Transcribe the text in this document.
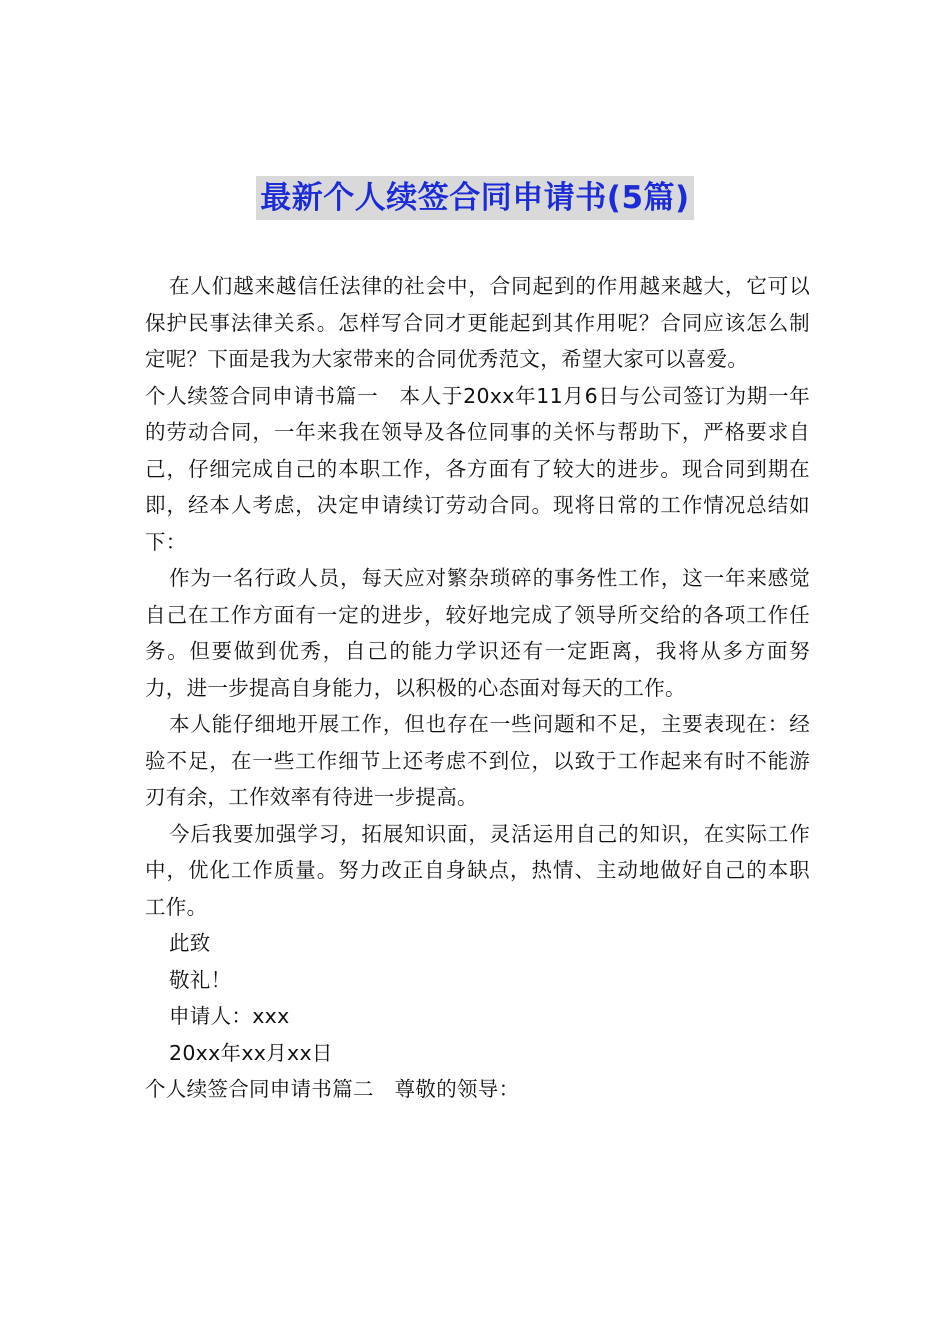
最新个人续签合同申请书(5篇)

在人们越来越信任法律的社会中，合同起到的作用越来越大，它可以保护民事法律关系。怎样写合同才更能起到其作用呢？合同应该怎么制定呢？下面是我为大家带来的合同优秀范文，希望大家可以喜爱。

个人续签合同申请书篇一　本人于20xx年11月6日与公司签订为期一年的劳动合同，一年来我在领导及各位同事的关怀与帮助下，严格要求自己，仔细完成自己的本职工作，各方面有了较大的进步。现合同到期在即，经本人考虑，决定申请续订劳动合同。现将日常的工作情况总结如下：

作为一名行政人员，每天应对繁杂琐碎的事务性工作，这一年来感觉自己在工作方面有一定的进步，较好地完成了领导所交给的各项工作任务。但要做到优秀，自己的能力学识还有一定距离，我将从多方面努力，进一步提高自身能力，以积极的心态面对每天的工作。

本人能仔细地开展工作，但也存在一些问题和不足，主要表现在：经验不足，在一些工作细节上还考虑不到位，以致于工作起来有时不能游刃有余，工作效率有待进一步提高。

今后我要加强学习，拓展知识面，灵活运用自己的知识，在实际工作中，优化工作质量。努力改正自身缺点，热情、主动地做好自己的本职工作。

此致

敬礼！

申请人：xxx

20xx年xx月xx日

个人续签合同申请书篇二　尊敬的领导：
